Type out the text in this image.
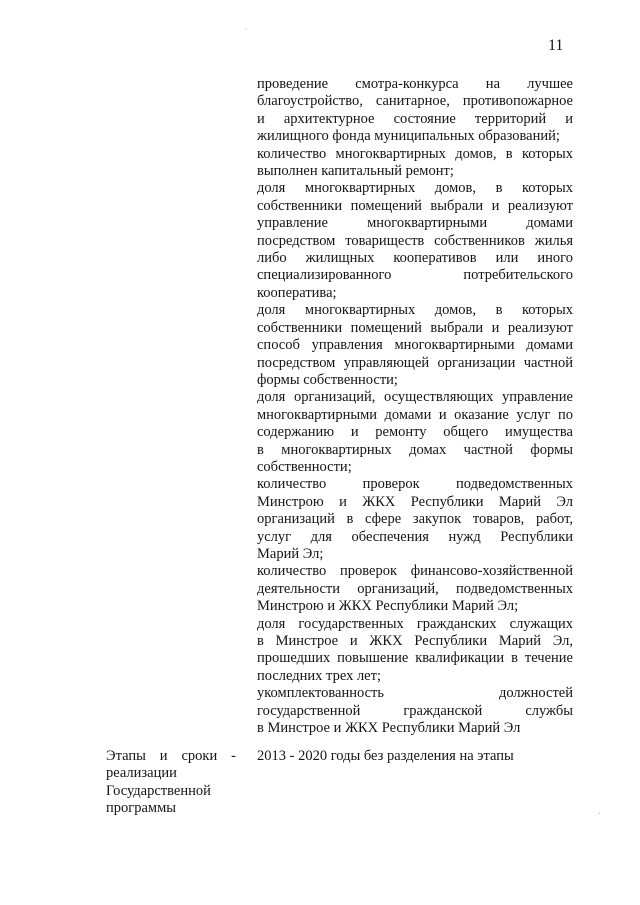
11
´
.
проведение смотра-конкурса на лучшее
благоустройство, санитарное, противопожарное
и архитектурное состояние территорий и
жилищного фонда муниципальных образований;
количество многоквартирных домов, в которых
выполнен капитальный ремонт;
доля многоквартирных домов, в которых
собственники помещений выбрали и реализуют
управление многоквартирными домами
посредством товариществ собственников жилья
либо жилищных кооперативов или иного
специализированного потребительского
кооператива;
доля многоквартирных домов, в которых
собственники помещений выбрали и реализуют
способ управления многоквартирными домами
посредством управляющей организации частной
формы собственности;
доля организаций, осуществляющих управление
многоквартирными домами и оказание услуг по
содержанию и ремонту общего имущества
в многоквартирных домах частной формы
собственности;
количество проверок подведомственных
Минстрою и ЖКХ Республики Марий Эл
организаций в сфере закупок товаров, работ,
услуг для обеспечения нужд Республики
Марий Эл;
количество проверок финансово-хозяйственной
деятельности организаций, подведомственных
Минстрою и ЖКХ Республики Марий Эл;
доля государственных гражданских служащих
в Минстрое и ЖКХ Республики Марий Эл,
прошедших повышение квалификации в течение
последних трех лет;
укомплектованность должностей
государственной гражданской службы
в Минстрое и ЖКХ Республики Марий Эл
Этапы и сроки -
реализации
Государственной
программы
2013 - 2020 годы без разделения на этапы
